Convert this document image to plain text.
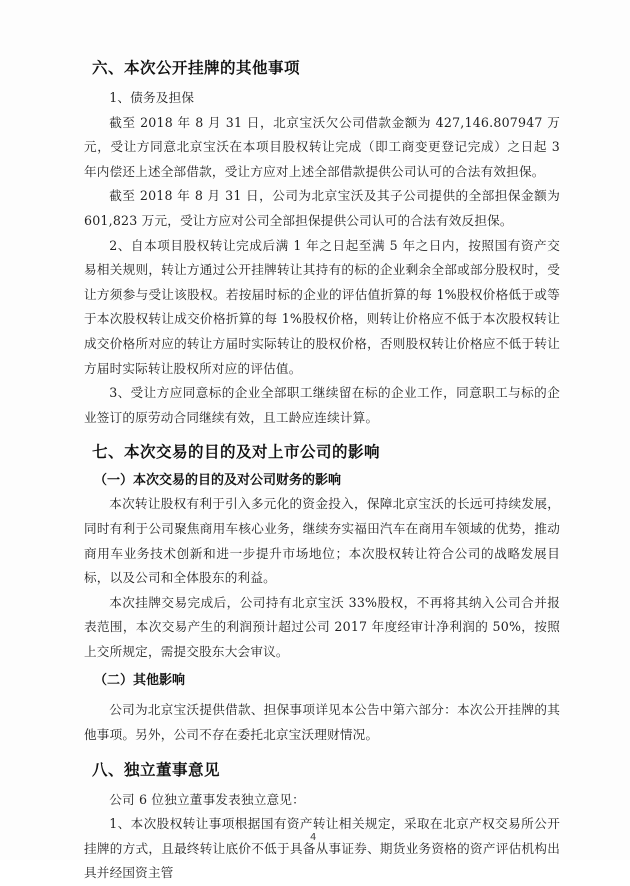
六、本次公开挂牌的其他事项

1、债务及担保

截至 2018 年 8 月 31 日，北京宝沃欠公司借款金额为 427,146.807947 万元，受让方同意北京宝沃在本项目股权转让完成（即工商变更登记完成）之日起 3 年内偿还上述全部借款，受让方应对上述全部借款提供公司认可的合法有效担保。

截至 2018 年 8 月 31 日，公司为北京宝沃及其子公司提供的全部担保金额为 601,823 万元，受让方应对公司全部担保提供公司认可的合法有效反担保。

2、自本项目股权转让完成后满 1 年之日起至满 5 年之日内，按照国有资产交易相关规则，转让方通过公开挂牌转让其持有的标的企业剩余全部或部分股权时，受让方须参与受让该股权。若按届时标的企业的评估值折算的每 1%股权价格低于或等于本次股权转让成交价格折算的每 1%股权价格，则转让价格应不低于本次股权转让成交价格所对应的转让方届时实际转让的股权价格，否则股权转让价格应不低于转让方届时实际转让股权所对应的评估值。

3、受让方应同意标的企业全部职工继续留在标的企业工作，同意职工与标的企业签订的原劳动合同继续有效，且工龄应连续计算。

七、本次交易的目的及对上市公司的影响
（一）本次交易的目的及对公司财务的影响

本次转让股权有利于引入多元化的资金投入，保障北京宝沃的长远可持续发展，同时有利于公司聚焦商用车核心业务，继续夯实福田汽车在商用车领域的优势，推动商用车业务技术创新和进一步提升市场地位；本次股权转让符合公司的战略发展目标，以及公司和全体股东的利益。

本次挂牌交易完成后，公司持有北京宝沃 33%股权，不再将其纳入公司合并报表范围，本次交易产生的利润预计超过公司 2017 年度经审计净利润的 50%，按照上交所规定，需提交股东大会审议。

（二）其他影响

公司为北京宝沃提供借款、担保事项详见本公告中第六部分：本次公开挂牌的其他事项。另外，公司不存在委托北京宝沃理财情况。

八、独立董事意见

公司 6 位独立董事发表独立意见：

1、本次股权转让事项根据国有资产转让相关规定，采取在北京产权交易所公开挂牌的方式，且最终转让底价不低于具备从事证券、期货业务资格的资产评估机构出具并经国资主管

4
